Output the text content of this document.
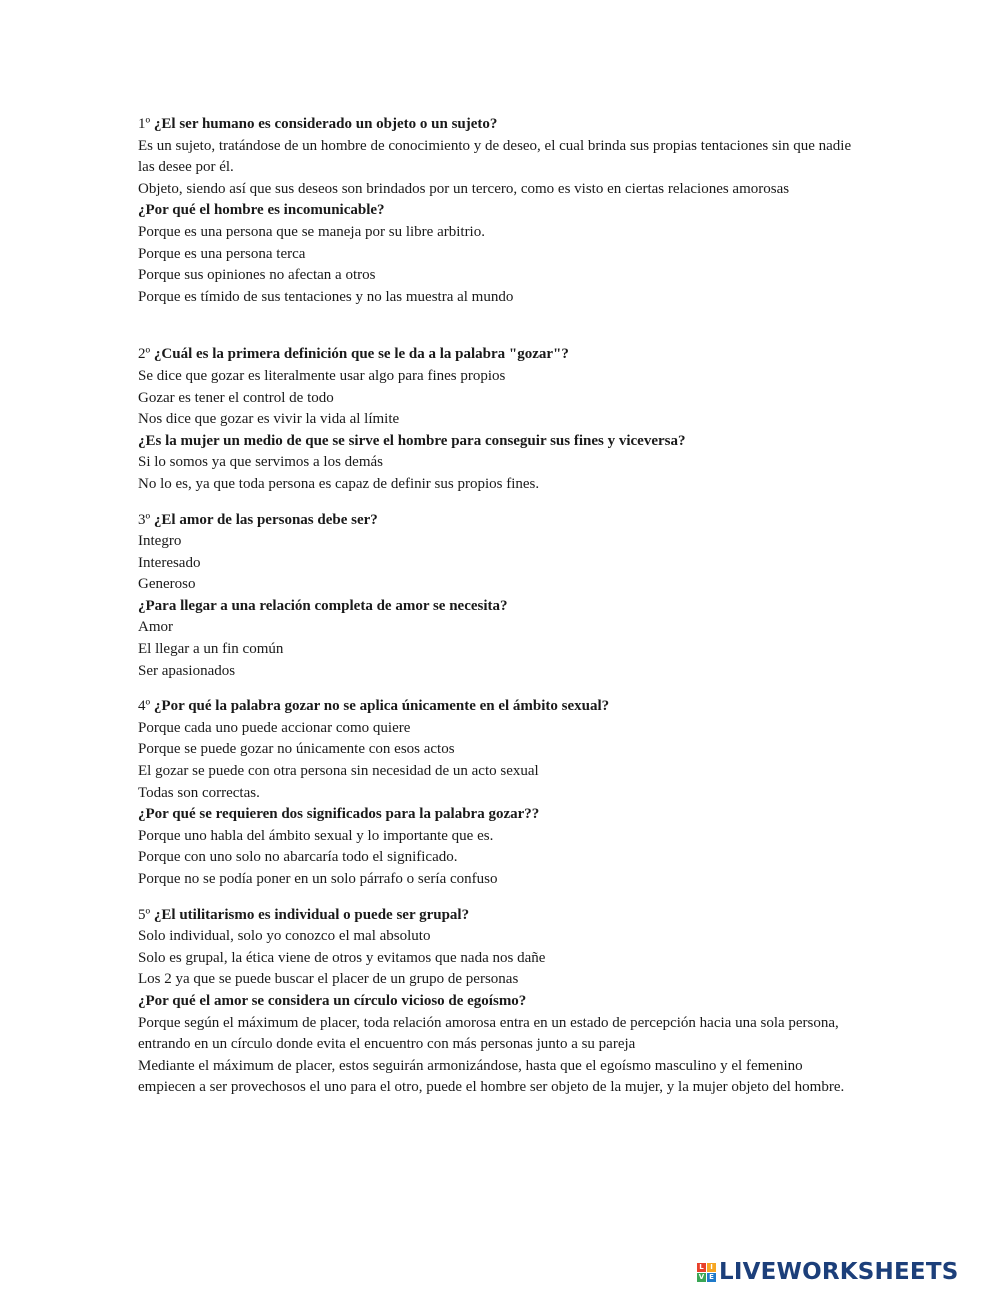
1º ¿El ser humano es considerado un objeto o un sujeto?
Es un sujeto, tratándose de un hombre de conocimiento y de deseo, el cual brinda sus propias tentaciones sin que nadie las desee por él.
Objeto, siendo así que sus deseos son brindados por un tercero, como es visto en ciertas relaciones amorosas
¿Por qué el hombre es incomunicable?
Porque es una persona que se maneja por su libre arbitrio.
Porque es una persona terca
Porque sus opiniones no afectan a otros
Porque es tímido de sus tentaciones y no las muestra al mundo
2º ¿Cuál es la primera definición que se le da a la palabra "gozar"?
Se dice que gozar es literalmente usar algo para fines propios
Gozar es tener el control de todo
Nos dice que gozar es vivir la vida al límite
¿Es la mujer un medio de que se sirve el hombre para conseguir sus fines y viceversa?
Si lo somos ya que servimos a los demás
No lo es, ya que toda persona es capaz de definir sus propios fines.
3º ¿El amor de las personas debe ser?
Integro
Interesado
Generoso
¿Para llegar a una relación completa de amor se necesita?
Amor
El llegar a un fin común
Ser apasionados
4º ¿Por qué la palabra gozar no se aplica únicamente en el ámbito sexual?
Porque cada uno puede accionar como quiere
Porque se puede gozar no únicamente con esos actos
El gozar se puede con otra persona sin necesidad de un acto sexual
Todas son correctas.
¿Por qué se requieren dos significados para la palabra gozar??
Porque uno habla del ámbito sexual y lo importante que es.
Porque con uno solo no abarcaría todo el significado.
Porque no se podía poner en un solo párrafo o sería confuso
5º ¿El utilitarismo es individual o puede ser grupal?
Solo individual, solo yo conozco el mal absoluto
Solo es grupal, la ética viene de otros y evitamos que nada nos dañe
Los 2 ya que se puede buscar el placer de un grupo de personas
¿Por qué el amor se considera un círculo vicioso de egoísmo?
Porque según el máximum de placer, toda relación amorosa entra en un estado de percepción hacia una sola persona, entrando en un círculo donde evita el encuentro con más personas junto a su pareja
Mediante el máximum de placer, estos seguirán armonizándose, hasta que el egoísmo masculino y el femenino empiecen a ser provechosos el uno para el otro, puede el hombre ser objeto de la mujer, y la mujer objeto del hombre.
L I
V E LIVEWORKSHEETS
